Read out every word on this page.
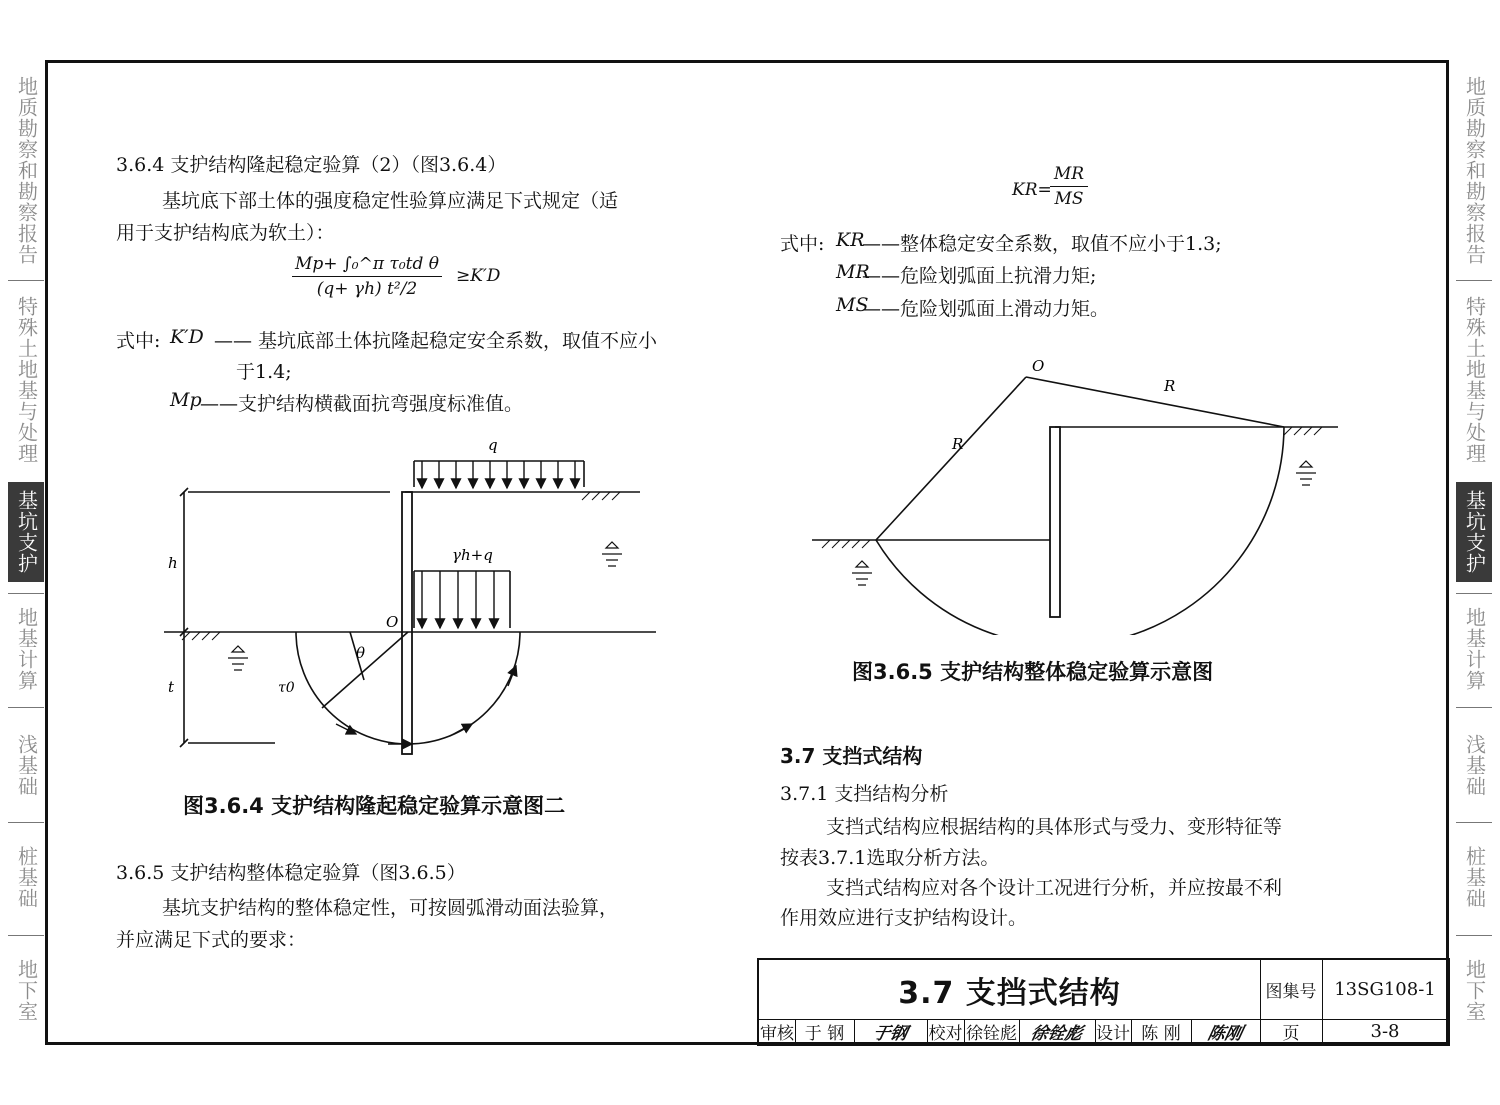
地质勘察和勘察报告
特殊土地基与处理
基坑支护
地基计算
浅基础
桩基础
地下室
地质勘察和勘察报告
特殊土地基与处理
基坑支护
地基计算
浅基础
桩基础
地下室
3.6.4 支护结构隆起稳定验算（2）（图3.6.4）
基坑底下部土体的强度稳定性验算应满足下式规定（适
用于支护结构底为软土）：
Mp+ ∫₀^π τ₀td θ
(q+ γh) t²/2
≥K′D
式中: K′D —— 基坑底部土体抗隆起稳定安全系数，取值不应小
于1.4;
Mp
——支护结构横截面抗弯强度标准值。
q
γh+q
h
t
O
θ
τ0
图3.6.4 支护结构隆起稳定验算示意图二
3.6.5 支护结构整体稳定验算（图3.6.5）
基坑支护结构的整体稳定性，可按圆弧滑动面法验算，
并应满足下式的要求：
KR=
MR
MS
式中: KR
——整体稳定安全系数，取值不应小于1.3;
MR
——危险划弧面上抗滑力矩;
MS
——危险划弧面上滑动力矩。
O
R
R
图3.6.5 支护结构整体稳定验算示意图
3.7 支挡式结构
3.7.1 支挡结构分析
支挡式结构应根据结构的具体形式与受力、变形特征等
按表3.7.1选取分析方法。
支挡式结构应对各个设计工况进行分析，并应按最不利
作用效应进行支护结构设计。
3.7 支挡式结构	图集号 13SG108-1
审核 于 钢	于钢	校对 徐铨彪 徐铨彪 设计 陈 刚	陈刚	页	3-8
